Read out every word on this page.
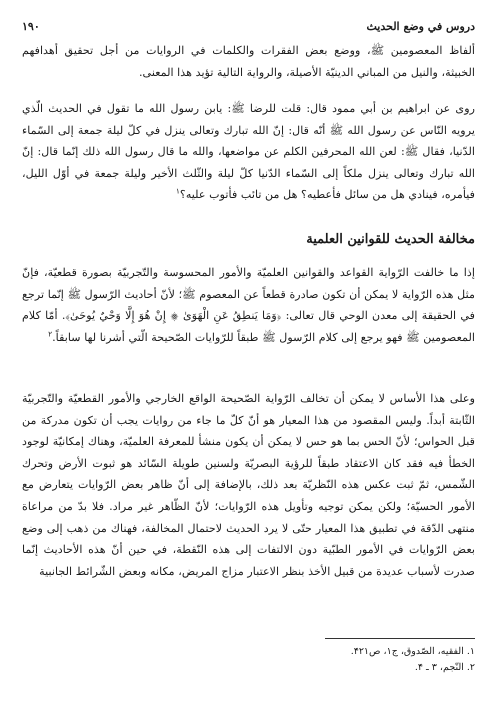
دروس في وضع الحديث
۱۹۰
ألفاظ المعصومين ﷺ، ووضع بعض الفقرات والكلمات في الروايات من أجل تحقيق أهدافهم الخبيثة، والنيل من المباني الدينيّة الأصيلة، والرواية التالية تؤيد هذا المعنى.
روى عن ابراهيم بن أبي ممود قال: قلت للرضا ﷺ: يابن رسول الله ما تقول في الحديث الّذي يرويه النّاس عن رسول الله ﷺ أنّه قال: إنّ الله تبارك وتعالى ينزل في كلّ ليلة جمعة إلى السّماء الدّنيا، فقال ﷺ: لعن الله المحرفين الكلم عن مواضعها، والله ما قال رسول الله ذلك إنّما قال: إنّ الله تبارك وتعالى ينزل ملكاً إلى السّماء الدّنيا كلّ ليلة والثّلث الأخير وليلة جمعة في أوّل الليل، فيأمره، فينادي هل من سائل فأعطيه؟ هل من تائب فأتوب عليه؟$^۱$
مخالفة الحديث للقوانين العلمية
إذا ما خالفت الرّواية القواعد والقوانين العلميّة والأمور المحسوسة والتّجربيّة بصورة قطعيّة، فإنّ مثل هذه الرّواية لا يمكن أن تكون صادرة قطعاً عن المعصوم ﷺ؛ لأنّ أحاديث الرّسول ﷺ إنّما ترجع في الحقيقة إلى معدن الوحي قال تعالى: ﴿وَمَا يَنطِقُ عَنِ الْهَوَىٰ ۞ إِنْ هُوَ إِلَّا وَحْيٌ يُوحَىٰ﴾. أمّا كلام المعصومين ﷺ فهو يرجع إلى كلام الرّسول ﷺ طبقاً للرّوايات الصّحيحة الّتي أشرنا لها سابقاً.$^۲$
وعلى هذا الأساس لا يمكن أن تخالف الرّواية الصّحيحة الواقع الخارجي والأمور القطعيّة والتّجربيّة الثّابتة أبداً. وليس المقصود من هذا المعيار هو أنّ كلّ ما جاء من روايات يجب أن تكون مدركة من قبل الحواس؛ لأنّ الحس بما هو حس لا يمكن أن يكون منشأ للمعرفة العلميّة، وهناك إمكانيّة لوجود الخطأ فيه فقد كان الاعتقاد طبقاً للرؤية البصريّة ولسنين طويلة السّائد هو ثبوت الأرض وتحرك الشّمس، ثمّ ثبت عكس هذه النّظريّة بعد ذلك، بالإضافة إلى أنّ ظاهر بعض الرّوايات يتعارض مع الأمور الحسيّة؛ ولكن يمكن توجيه وتأويل هذه الرّوايات؛ لأنّ الظّاهر غير مراد. فلا بدّ من مراعاة منتهى الدّقة في تطبيق هذا المعيار حتّى لا يرد الحديث لاحتمال المخالفة، فهناك من ذهب إلى وضع بعض الرّوايات في الأمور الطبّية دون الالتفات إلى هذه النّقطة، في حين أنّ هذه الأحاديث إنّما صدرت لأسباب عديدة من قبيل الأخذ بنظر الاعتبار مزاج المريض، مكانه وبعض الشّرائط الجانبية
۱. الفقيه، الصّدوق، ج۱، ص۴۲۱.
۲. النّجم، ۳ ـ ۴.
